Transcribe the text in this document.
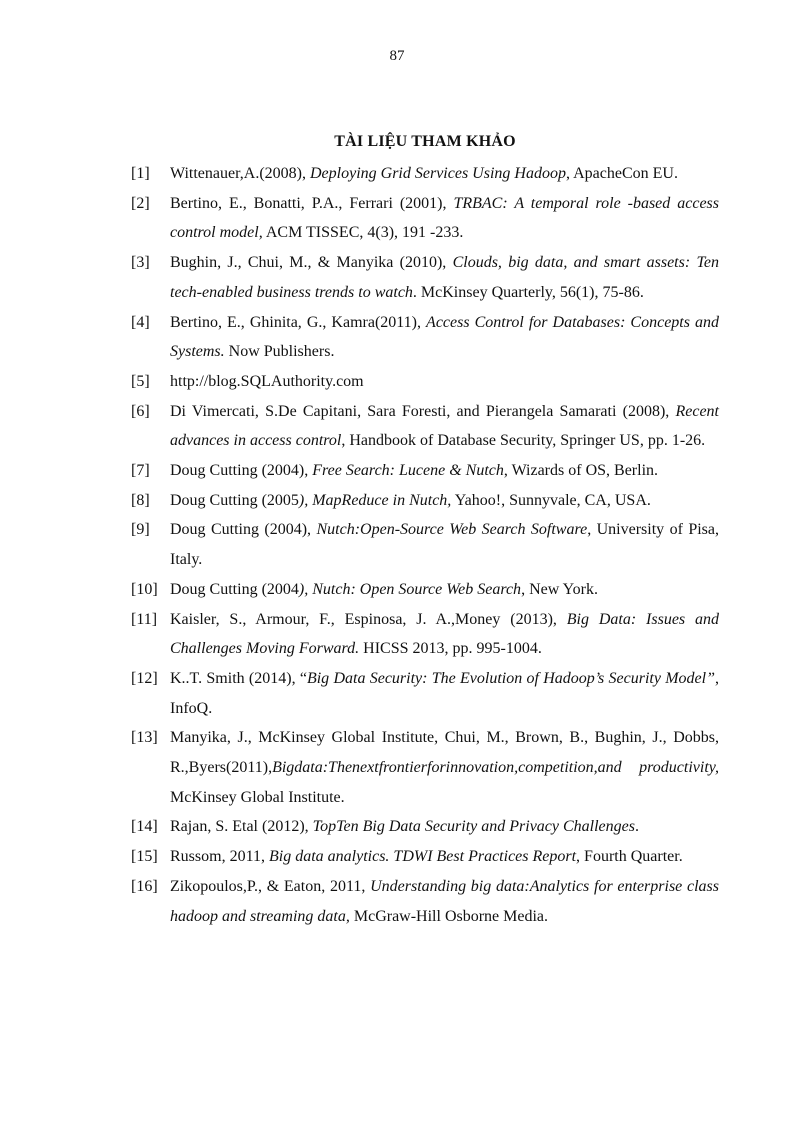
87
TÀI LIỆU THAM KHẢO
[1] Wittenauer,A.(2008), Deploying Grid Services Using Hadoop, ApacheCon EU.
[2] Bertino, E., Bonatti, P.A., Ferrari (2001), TRBAC: A temporal role -based access control model, ACM TISSEC, 4(3), 191 -233.
[3] Bughin, J., Chui, M., & Manyika (2010), Clouds, big data, and smart assets: Ten tech-enabled business trends to watch. McKinsey Quarterly, 56(1), 75-86.
[4] Bertino, E., Ghinita, G., Kamra(2011), Access Control for Databases: Concepts and Systems. Now Publishers.
[5] http://blog.SQLAuthority.com
[6] Di Vimercati, S.De Capitani, Sara Foresti, and Pierangela Samarati (2008), Recent advances in access control, Handbook of Database Security, Springer US, pp. 1-26.
[7] Doug Cutting (2004), Free Search: Lucene & Nutch, Wizards of OS, Berlin.
[8] Doug Cutting (2005), MapReduce in Nutch, Yahoo!, Sunnyvale, CA, USA.
[9] Doug Cutting (2004), Nutch:Open-Source Web Search Software, University of Pisa, Italy.
[10] Doug Cutting (2004), Nutch: Open Source Web Search, New York.
[11] Kaisler, S., Armour, F., Espinosa, J. A.,Money (2013), Big Data: Issues and Challenges Moving Forward. HICSS 2013, pp. 995-1004.
[12] K..T. Smith (2014), “Big Data Security: The Evolution of Hadoop’s Security Model”, InfoQ.
[13] Manyika, J., McKinsey Global Institute, Chui, M., Brown, B., Bughin, J., Dobbs, R.,Byers(2011),Bigdata:Thenextfrontierforinnovation,competition,and productivity, McKinsey Global Institute.
[14] Rajan, S. Etal (2012), TopTen Big Data Security and Privacy Challenges.
[15] Russom, 2011, Big data analytics. TDWI Best Practices Report, Fourth Quarter.
[16] Zikopoulos,P., & Eaton, 2011, Understanding big data:Analytics for enterprise class hadoop and streaming data, McGraw-Hill Osborne Media.
